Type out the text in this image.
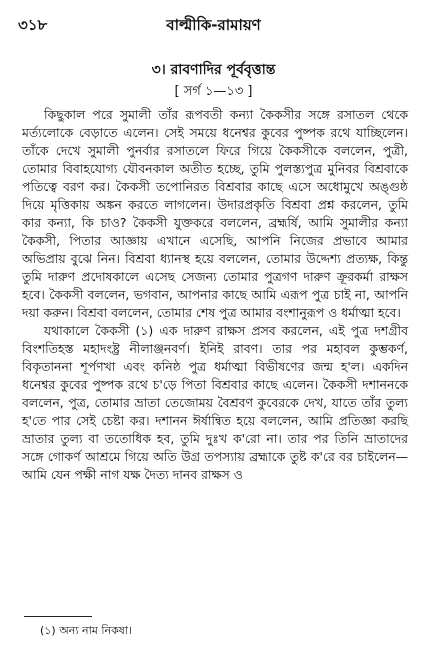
৩১৮	বাল্মীকি-রামায়ণ
৩। রাবণাদির পূর্ববৃত্তান্ত
[ সর্গ ১—১৩ ]

কিছুকাল পরে সুমালী তাঁর রূপবতী কন্যা কৈকসীর সঙ্গে রসাতল থেকে মর্ত্যলোকে বেড়াতে এলেন। সেই সময়ে ধনেশ্বর কুবের পুষ্পক রথে যাচ্ছিলেন। তাঁকে দেখে সুমালী পুনর্বার রসাতলে ফিরে গিয়ে কৈকসীকে বললেন, পুত্রী, তোমার বিবাহযোগ্য যৌবনকাল অতীত হচ্ছে, তুমি পুলস্ত্যপুত্র মুনিবর বিশ্রবাকে পতিত্বে বরণ কর। কৈকসী তপোনিরত বিশ্রবার কাছে এসে অধোমুখে অঙ্গুষ্ঠ দিয়ে মৃত্তিকায় অঙ্কন করতে লাগলেন। উদারপ্রকৃতি বিশ্রবা প্রশ্ন করলেন, তুমি কার কন্যা, কি চাও? কৈকসী যুক্তকরে বললেন, ব্রহ্মর্ষি, আমি সুমালীর কন্যা কৈকসী, পিতার আজ্ঞায় এখানে এসেছি, আপনি নিজের প্রভাবে আমার অভিপ্রায় বুঝে নিন। বিশ্রবা ধ্যানস্থ হয়ে বললেন, তোমার উদ্দেশ্য প্রত্যক্ষ, কিন্তু তুমি দারুণ প্রদোষকালে এসেছ সেজন্য তোমার পুত্রগণ দারুণ ক্রূরকর্মা রাক্ষস হবে। কৈকসী বললেন, ভগবান, আপনার কাছে আমি এরূপ পুত্র চাই না, আপনি দয়া করুন। বিশ্রবা বললেন, তোমার শেষ পুত্র আমার বংশানুরূপ ও ধর্মাত্মা হবে।

যথাকালে কৈকসী (১) এক দারুণ রাক্ষস প্রসব করলেন, এই পুত্র দশগ্রীব বিংশতিহস্ত মহাদংষ্ট্র নীলাঞ্জনবর্ণ। ইনিই রাবণ। তার পর মহাবল কুম্ভকর্ণ, বিকৃতাননা শূর্পণখা এবং কনিষ্ঠ পুত্র ধর্মাত্মা বিভীষণের জন্ম হ'ল। একদিন ধনেশ্বর কুবের পুষ্পক রথে চ'ড়ে পিতা বিশ্রবার কাছে এলেন। কৈকসী দশাননকে বললেন, পুত্র, তোমার ভ্রাতা তেজোময় বৈশ্রবণ কুবেরকে দেখ, যাতে তাঁর তুল্য হ'তে পার সেই চেষ্টা কর। দশানন ঈর্ষান্বিত হয়ে বললেন, আমি প্রতিজ্ঞা করছি ভ্রাতার তুল্য বা ততোধিক হব, তুমি দুঃখ ক'রো না। তার পর তিনি ভ্রাতাদের সঙ্গে গোকর্ণ আশ্রমে গিয়ে অতি উগ্র তপস্যায় ব্রহ্মাকে তুষ্ট ক'রে বর চাইলেন— আমি যেন পক্ষী নাগ যক্ষ দৈত্য দানব রাক্ষস ও

(১) অন্য নাম নিকষা।
